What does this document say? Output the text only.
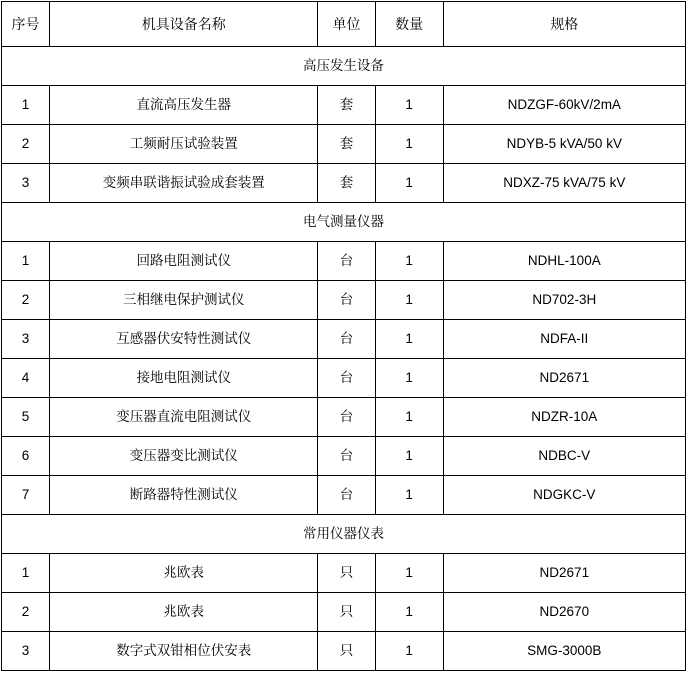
序号	机具设备名称	单位	数量	规格
高压发生设备				
1	直流高压发生器	套	1	NDZGF-60kV/2mA
2	工频耐压试验装置	套	1	NDYB-5 kVA/50 kV
3	变频串联谐振试验成套装置	套	1	NDXZ-75 kVA/75 kV
电气测量仪器				
1	回路电阻测试仪	台	1	NDHL-100A
2	三相继电保护测试仪	台	1	ND702-3H
3	互感器伏安特性测试仪	台	1	NDFA-II
4	接地电阻测试仪	台	1	ND2671
5	变压器直流电阻测试仪	台	1	NDZR-10A
6	变压器变比测试仪	台	1	NDBC-V
7	断路器特性测试仪	台	1	NDGKC-V
常用仪器仪表				
1	兆欧表	只	1	ND2671
2	兆欧表	只	1	ND2670
3	数字式双钳相位伏安表	只	1	SMG-3000B
